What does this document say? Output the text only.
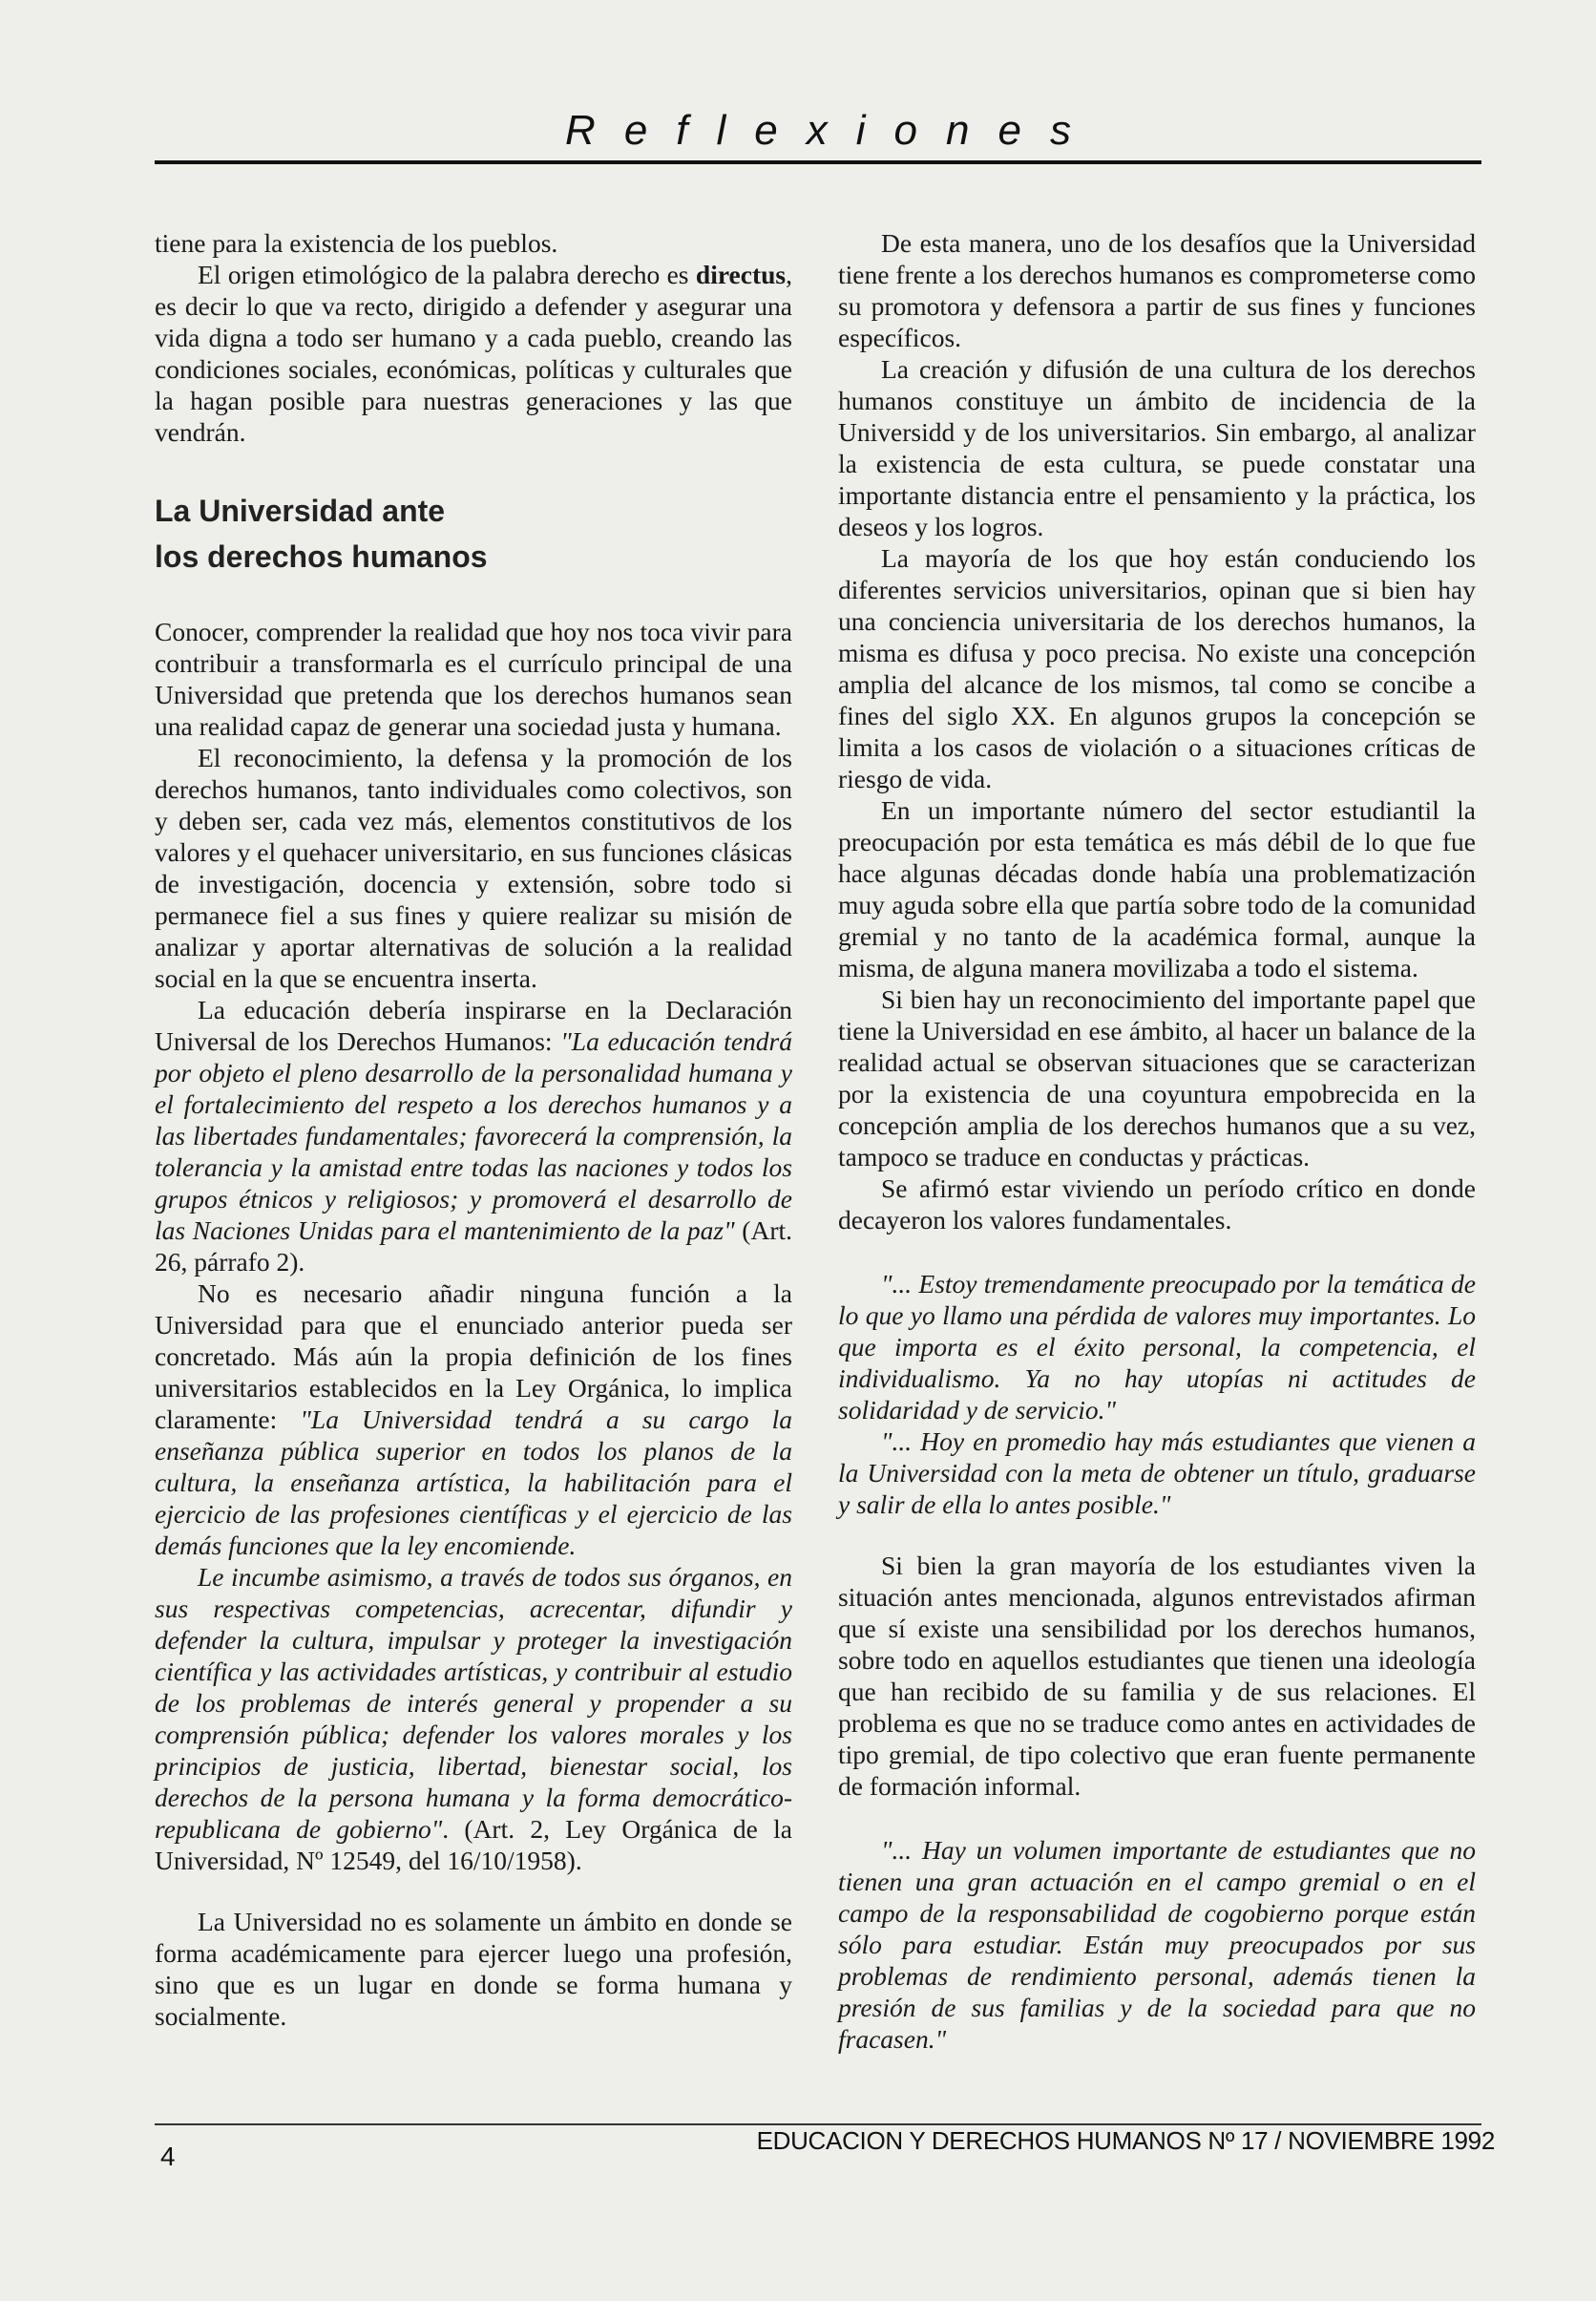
Reflexiones

tiene para la existencia de los pueblos.

El origen etimológico de la palabra derecho es directus, es decir lo que va recto, dirigido a defender y asegurar una vida digna a todo ser humano y a cada pueblo, creando las condiciones sociales, económicas, políticas y culturales que la hagan posible para nuestras generaciones y las que vendrán.

La Universidad ante
los derechos humanos

Conocer, comprender la realidad que hoy nos toca vivir para contribuir a transformarla es el currículo principal de una Universidad que pretenda que los derechos humanos sean una realidad capaz de generar una sociedad justa y humana.

El reconocimiento, la defensa y la promoción de los derechos humanos, tanto individuales como colectivos, son y deben ser, cada vez más, elementos constitutivos de los valores y el quehacer universitario, en sus funciones clásicas de investigación, docencia y extensión, sobre todo si permanece fiel a sus fines y quiere realizar su misión de analizar y aportar alternativas de solución a la realidad social en la que se encuentra inserta.

La educación debería inspirarse en la Declaración Universal de los Derechos Humanos: "La educación tendrá por objeto el pleno desarrollo de la personalidad humana y el fortalecimiento del respeto a los derechos humanos y a las libertades fundamentales; favorecerá la comprensión, la tolerancia y la amistad entre todas las naciones y todos los grupos étnicos y religiosos; y promoverá el desarrollo de las Naciones Unidas para el mantenimiento de la paz" (Art. 26, párrafo 2).

No es necesario añadir ninguna función a la Universidad para que el enunciado anterior pueda ser concretado. Más aún la propia definición de los fines universitarios establecidos en la Ley Orgánica, lo implica claramente: "La Universidad tendrá a su cargo la enseñanza pública superior en todos los planos de la cultura, la enseñanza artística, la habilitación para el ejercicio de las profesiones científicas y el ejercicio de las demás funciones que la ley encomiende.

Le incumbe asimismo, a través de todos sus órganos, en sus respectivas competencias, acrecentar, difundir y defender la cultura, impulsar y proteger la investigación científica y las actividades artísticas, y contribuir al estudio de los problemas de interés general y propender a su comprensión pública; defender los valores morales y los principios de justicia, libertad, bienestar social, los derechos de la persona humana y la forma democrático-republicana de gobierno". (Art. 2, Ley Orgánica de la Universidad, Nº 12549, del 16/10/1958).

La Universidad no es solamente un ámbito en donde se forma académicamente para ejercer luego una profesión, sino que es un lugar en donde se forma humana y socialmente.

De esta manera, uno de los desafíos que la Universidad tiene frente a los derechos humanos es comprometerse como su promotora y defensora a partir de sus fines y funciones específicos.

La creación y difusión de una cultura de los derechos humanos constituye un ámbito de incidencia de la Universidd y de los universitarios. Sin embargo, al analizar la existencia de esta cultura, se puede constatar una importante distancia entre el pensamiento y la práctica, los deseos y los logros.

La mayoría de los que hoy están conduciendo los diferentes servicios universitarios, opinan que si bien hay una conciencia universitaria de los derechos humanos, la misma es difusa y poco precisa. No existe una concepción amplia del alcance de los mismos, tal como se concibe a fines del siglo XX. En algunos grupos la concepción se limita a los casos de violación o a situaciones críticas de riesgo de vida.

En un importante número del sector estudiantil la preocupación por esta temática es más débil de lo que fue hace algunas décadas donde había una problematización muy aguda sobre ella que partía sobre todo de la comunidad gremial y no tanto de la académica formal, aunque la misma, de alguna manera movilizaba a todo el sistema.

Si bien hay un reconocimiento del importante papel que tiene la Universidad en ese ámbito, al hacer un balance de la realidad actual se observan situaciones que se caracterizan por la existencia de una coyuntura empobrecida en la concepción amplia de los derechos humanos que a su vez, tampoco se traduce en conductas y prácticas.

Se afirmó estar viviendo un período crítico en donde decayeron los valores fundamentales.

"... Estoy tremendamente preocupado por la temática de lo que yo llamo una pérdida de valores muy importantes. Lo que importa es el éxito personal, la competencia, el individualismo. Ya no hay utopías ni actitudes de solidaridad y de servicio."

"... Hoy en promedio hay más estudiantes que vienen a la Universidad con la meta de obtener un título, graduarse y salir de ella lo antes posible."

Si bien la gran mayoría de los estudiantes viven la situación antes mencionada, algunos entrevistados afirman que sí existe una sensibilidad por los derechos humanos, sobre todo en aquellos estudiantes que tienen una ideología que han recibido de su familia y de sus relaciones. El problema es que no se traduce como antes en actividades de tipo gremial, de tipo colectivo que eran fuente permanente de formación informal.

"... Hay un volumen importante de estudiantes que no tienen una gran actuación en el campo gremial o en el campo de la responsabilidad de cogobierno porque están sólo para estudiar. Están muy preocupados por sus problemas de rendimiento personal, además tienen la presión de sus familias y de la sociedad para que no fracasen."

4
EDUCACION Y DERECHOS HUMANOS Nº 17 / NOVIEMBRE 1992
